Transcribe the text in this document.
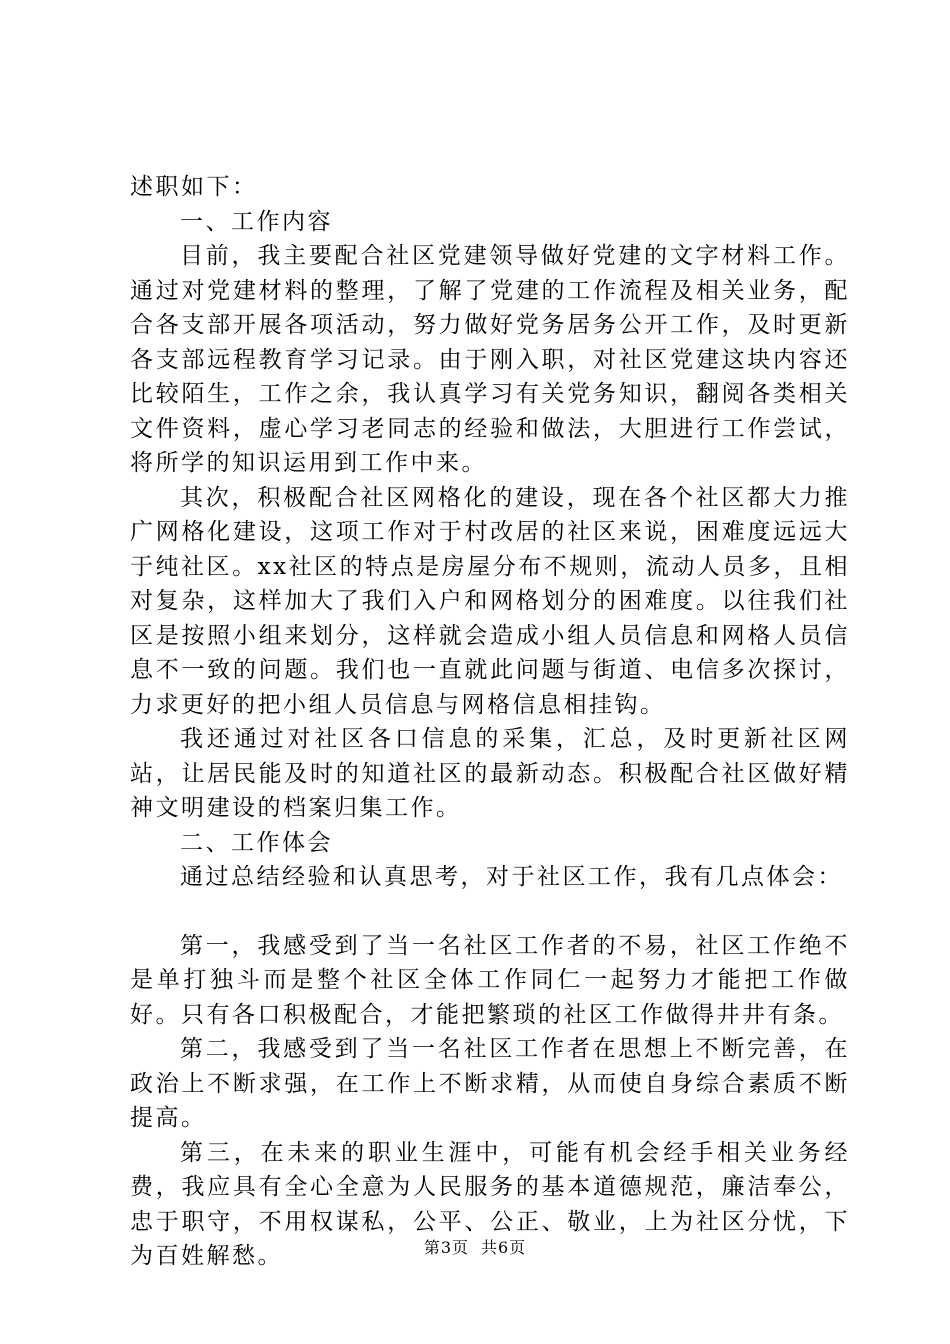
述职如下：

一、工作内容

目前，我主要配合社区党建领导做好党建的文字材料工作。通过对党建材料的整理，了解了党建的工作流程及相关业务，配合各支部开展各项活动，努力做好党务居务公开工作，及时更新各支部远程教育学习记录。由于刚入职，对社区党建这块内容还比较陌生，工作之余，我认真学习有关党务知识，翻阅各类相关文件资料，虚心学习老同志的经验和做法，大胆进行工作尝试，将所学的知识运用到工作中来。

其次，积极配合社区网格化的建设，现在各个社区都大力推广网格化建设，这项工作对于村改居的社区来说，困难度远远大于纯社区。xx社区的特点是房屋分布不规则，流动人员多，且相对复杂，这样加大了我们入户和网格划分的困难度。以往我们社区是按照小组来划分，这样就会造成小组人员信息和网格人员信息不一致的问题。我们也一直就此问题与街道、电信多次探讨，力求更好的把小组人员信息与网格信息相挂钩。

我还通过对社区各口信息的采集，汇总，及时更新社区网站，让居民能及时的知道社区的最新动态。积极配合社区做好精神文明建设的档案归集工作。

二、工作体会

通过总结经验和认真思考，对于社区工作，我有几点体会：

第一，我感受到了当一名社区工作者的不易，社区工作绝不是单打独斗而是整个社区全体工作同仁一起努力才能把工作做好。只有各口积极配合，才能把繁琐的社区工作做得井井有条。

第二，我感受到了当一名社区工作者在思想上不断完善，在政治上不断求强，在工作上不断求精，从而使自身综合素质不断提高。

第三，在未来的职业生涯中，可能有机会经手相关业务经费，我应具有全心全意为人民服务的基本道德规范，廉洁奉公，忠于职守，不用权谋私，公平、公正、敬业，上为社区分忧，下为百姓解愁。	第3页 共6页
